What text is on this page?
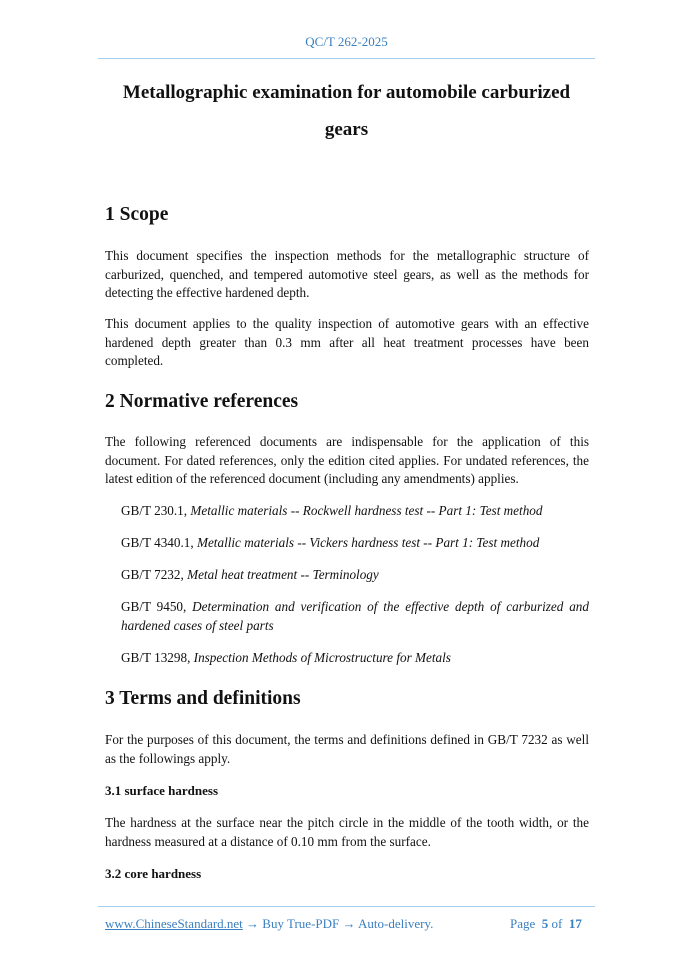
QC/T 262-2025
Metallographic examination for automobile carburized
gears
1 Scope
This document specifies the inspection methods for the metallographic structure of carburized, quenched, and tempered automotive steel gears, as well as the methods for detecting the effective hardened depth.
This document applies to the quality inspection of automotive gears with an effective hardened depth greater than 0.3 mm after all heat treatment processes have been completed.
2 Normative references
The following referenced documents are indispensable for the application of this document. For dated references, only the edition cited applies. For undated references, the latest edition of the referenced document (including any amendments) applies.
GB/T 230.1, Metallic materials -- Rockwell hardness test -- Part 1: Test method
GB/T 4340.1, Metallic materials -- Vickers hardness test -- Part 1: Test method
GB/T 7232, Metal heat treatment -- Terminology
GB/T 9450, Determination and verification of the effective depth of carburized and hardened cases of steel parts
GB/T 13298, Inspection Methods of Microstructure for Metals
3 Terms and definitions
For the purposes of this document, the terms and definitions defined in GB/T 7232 as well as the followings apply.
3.1 surface hardness
The hardness at the surface near the pitch circle in the middle of the tooth width, or the hardness measured at a distance of 0.10 mm from the surface.
3.2 core hardness
www.ChineseStandard.net → Buy True-PDF → Auto-delivery.	Page  5 of  17
